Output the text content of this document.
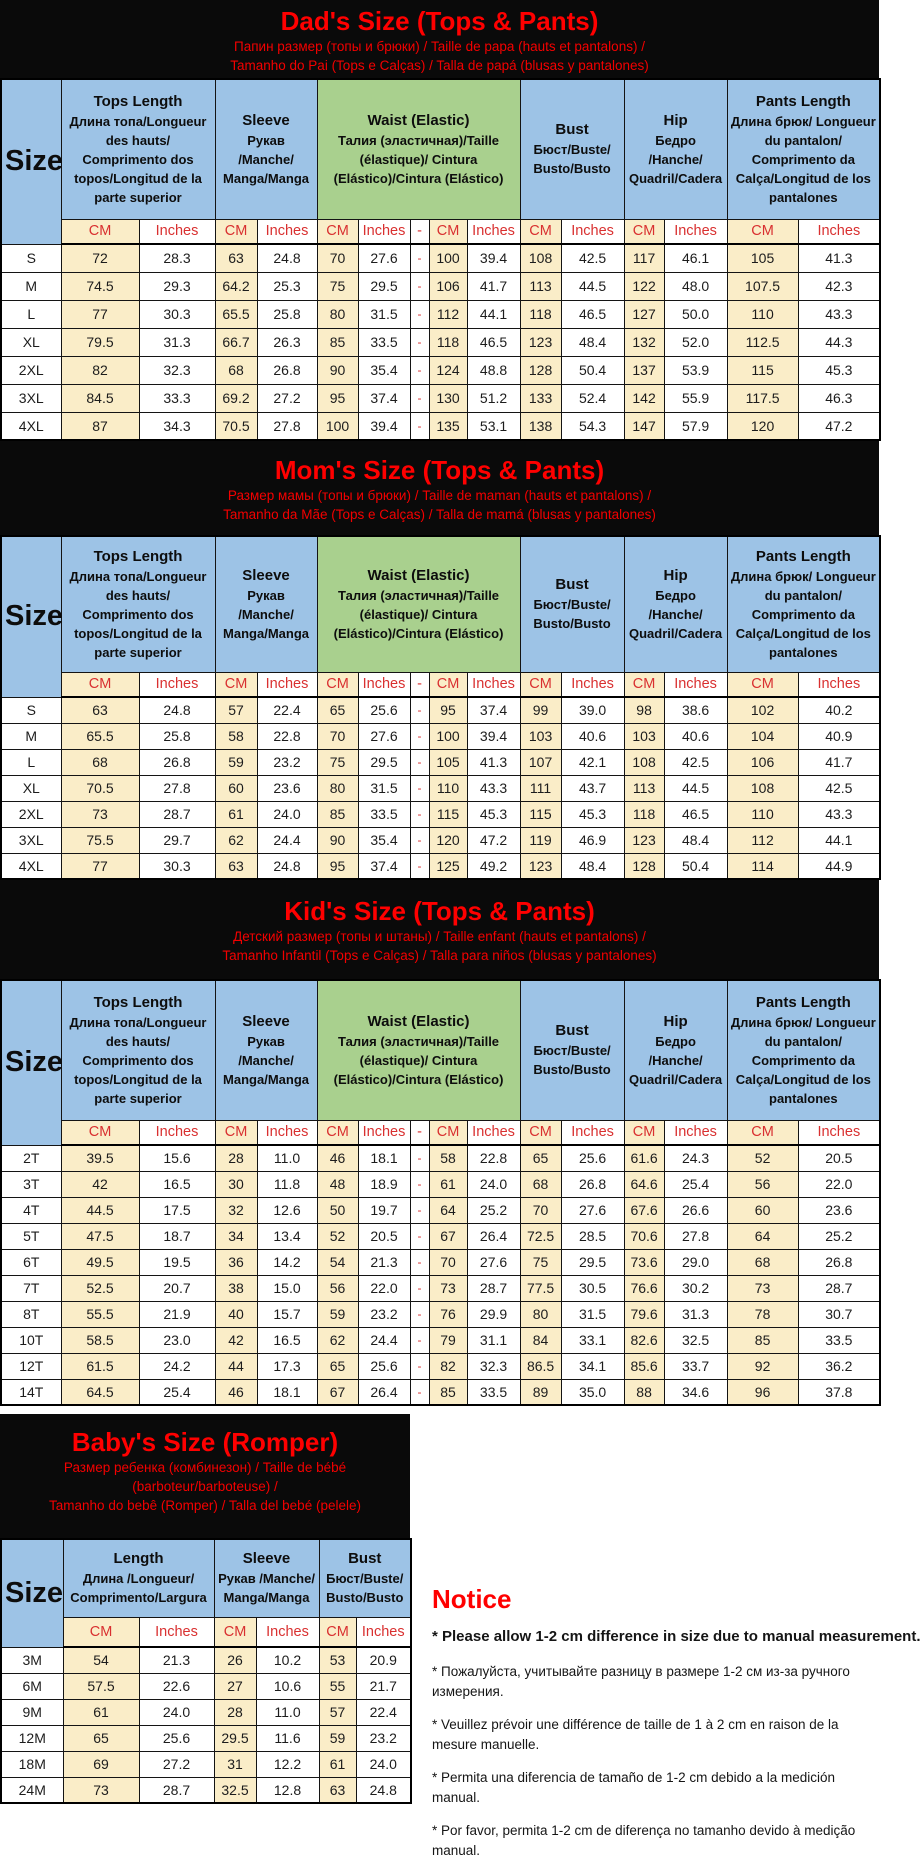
Dad's Size (Tops & Pants)
Папин размер (топы и брюки) / Taille de papa (hauts et pantalons) /
Tamanho do Pai (Tops e Calças) / Talla de papá (blusas y pantalones)
Size	
Tops Length
Длина топа/Longueur des hauts/ Comprimento dos topos/Longitud de la parte superior

Sleeve
Рукав /Manche/ Manga/Manga

Waist (Elastic)
Талия (эластичная)/Taille (élastique)/ Cintura (Elástico)/Cintura (Elástico)

Bust
Бюст/Buste/ Busto/Busto

Hip
Бедро /Hanche/ Quadril/Cadera

Pants Length
Длина брюк/ Longueur du pantalon/ Comprimento da Calça/Longitud de los pantalones

	CM	Inches	CM	Inches	CM	Inches	-	CM	Inches	CM	Inches	CM	Inches	CM	Inches
S	72	28.3	63	24.8	70	27.6	-	100	39.4	108	42.5	117	46.1	105	41.3
M	74.5	29.3	64.2	25.3	75	29.5	-	106	41.7	113	44.5	122	48.0	107.5	42.3
L	77	30.3	65.5	25.8	80	31.5	-	112	44.1	118	46.5	127	50.0	110	43.3
XL	79.5	31.3	66.7	26.3	85	33.5	-	118	46.5	123	48.4	132	52.0	112.5	44.3
2XL	82	32.3	68	26.8	90	35.4	-	124	48.8	128	50.4	137	53.9	115	45.3
3XL	84.5	33.3	69.2	27.2	95	37.4	-	130	51.2	133	52.4	142	55.9	117.5	46.3
4XL	87	34.3	70.5	27.8	100	39.4	-	135	53.1	138	54.3	147	57.9	120	47.2
Mom's Size (Tops & Pants)
Размер мамы (топы и брюки) / Taille de maman (hauts et pantalons) /
Tamanho da Mãe (Tops e Calças) / Talla de mamá (blusas y pantalones)
Size	
Tops Length
Длина топа/Longueur des hauts/ Comprimento dos topos/Longitud de la parte superior

Sleeve
Рукав /Manche/ Manga/Manga

Waist (Elastic)
Талия (эластичная)/Taille (élastique)/ Cintura (Elástico)/Cintura (Elástico)

Bust
Бюст/Buste/ Busto/Busto

Hip
Бедро /Hanche/ Quadril/Cadera

Pants Length
Длина брюк/ Longueur du pantalon/ Comprimento da Calça/Longitud de los pantalones

	CM	Inches	CM	Inches	CM	Inches	-	CM	Inches	CM	Inches	CM	Inches	CM	Inches
S	63	24.8	57	22.4	65	25.6	-	95	37.4	99	39.0	98	38.6	102	40.2
M	65.5	25.8	58	22.8	70	27.6	-	100	39.4	103	40.6	103	40.6	104	40.9
L	68	26.8	59	23.2	75	29.5	-	105	41.3	107	42.1	108	42.5	106	41.7
XL	70.5	27.8	60	23.6	80	31.5	-	110	43.3	111	43.7	113	44.5	108	42.5
2XL	73	28.7	61	24.0	85	33.5	-	115	45.3	115	45.3	118	46.5	110	43.3
3XL	75.5	29.7	62	24.4	90	35.4	-	120	47.2	119	46.9	123	48.4	112	44.1
4XL	77	30.3	63	24.8	95	37.4	-	125	49.2	123	48.4	128	50.4	114	44.9
Kid's Size (Tops & Pants)
Детский размер (топы и штаны) / Taille enfant (hauts et pantalons) /
Tamanho Infantil (Tops e Calças) / Talla para niños (blusas y pantalones)
Size	
Tops Length
Длина топа/Longueur des hauts/ Comprimento dos topos/Longitud de la parte superior

Sleeve
Рукав /Manche/ Manga/Manga

Waist (Elastic)
Талия (эластичная)/Taille (élastique)/ Cintura (Elástico)/Cintura (Elástico)

Bust
Бюст/Buste/ Busto/Busto

Hip
Бедро /Hanche/ Quadril/Cadera

Pants Length
Длина брюк/ Longueur du pantalon/ Comprimento da Calça/Longitud de los pantalones

	CM	Inches	CM	Inches	CM	Inches	-	CM	Inches	CM	Inches	CM	Inches	CM	Inches
2T	39.5	15.6	28	11.0	46	18.1	-	58	22.8	65	25.6	61.6	24.3	52	20.5
3T	42	16.5	30	11.8	48	18.9	-	61	24.0	68	26.8	64.6	25.4	56	22.0
4T	44.5	17.5	32	12.6	50	19.7	-	64	25.2	70	27.6	67.6	26.6	60	23.6
5T	47.5	18.7	34	13.4	52	20.5	-	67	26.4	72.5	28.5	70.6	27.8	64	25.2
6T	49.5	19.5	36	14.2	54	21.3	-	70	27.6	75	29.5	73.6	29.0	68	26.8
7T	52.5	20.7	38	15.0	56	22.0	-	73	28.7	77.5	30.5	76.6	30.2	73	28.7
8T	55.5	21.9	40	15.7	59	23.2	-	76	29.9	80	31.5	79.6	31.3	78	30.7
10T	58.5	23.0	42	16.5	62	24.4	-	79	31.1	84	33.1	82.6	32.5	85	33.5
12T	61.5	24.2	44	17.3	65	25.6	-	82	32.3	86.5	34.1	85.6	33.7	92	36.2
14T	64.5	25.4	46	18.1	67	26.4	-	85	33.5	89	35.0	88	34.6	96	37.8
Baby's Size (Romper)
Размер ребенка (комбинезон) / Taille de bébé (barboteur/barboteuse) /
Tamanho do bebê (Romper) / Talla del bebé (pelele)
Size	
Length
Длина /Longueur/ Comprimento/Largura

Sleeve
Рукав /Manche/ Manga/Manga

Bust
Бюст/Buste/ Busto/Busto

	CM	Inches	CM	Inches	CM	Inches
3M	54	21.3	26	10.2	53	20.9
6M	57.5	22.6	27	10.6	55	21.7
9M	61	24.0	28	11.0	57	22.4
12M	65	25.6	29.5	11.6	59	23.2
18M	69	27.2	31	12.2	61	24.0
24M	73	28.7	32.5	12.8	63	24.8
Notice
* Please allow 1-2 cm difference in size due to manual measurement.
* Пожалуйста, учитывайте разницу в размере 1-2 см из-за ручного измерения.
* Veuillez prévoir une différence de taille de 1 à 2 cm en raison de la mesure manuelle.
* Permita una diferencia de tamaño de 1-2 cm debido a la medición manual.
* Por favor, permita 1-2 cm de diferença no tamanho devido à medição manual.
